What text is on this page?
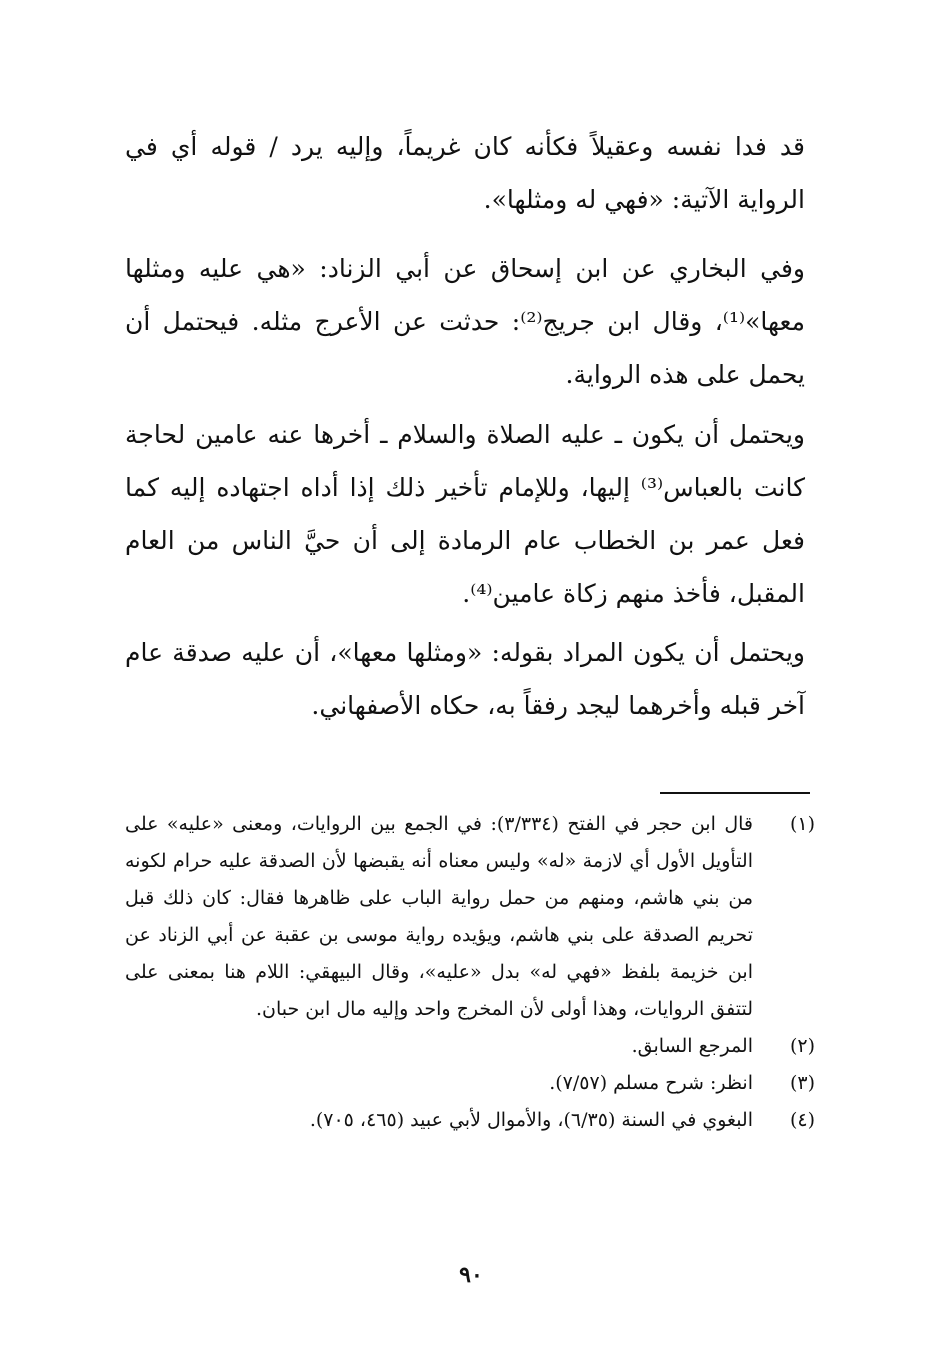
قد فدا نفسه وعقيلاً فكأنه كان غريماً، وإليه يرد / قوله أي في الرواية الآتية: «فهي له ومثلها».

وفي البخاري عن ابن إسحاق عن أبي الزناد: «هي عليه ومثلها معها»⁽¹⁾، وقال ابن جريج⁽²⁾: حدثت عن الأعرج مثله. فيحتمل أن يحمل على هذه الرواية.

ويحتمل أن يكون ـ عليه الصلاة والسلام ـ أخرها عنه عامين لحاجة كانت بالعباس⁽³⁾ إليها، وللإمام تأخير ذلك إذا أداه اجتهاده إليه كما فعل عمر بن الخطاب عام الرمادة إلى أن حيَّ الناس من العام المقبل، فأخذ منهم زكاة عامين⁽⁴⁾.

ويحتمل أن يكون المراد بقوله: «ومثلها معها»، أن عليه صدقة عام آخر قبله وأخرهما ليجد رفقاً به، حكاه الأصفهاني.

(١)
قال ابن حجر في الفتح (٣/٣٣٤): في الجمع بين الروايات، ومعنى «عليه» على التأويل الأول أي لازمة «له» وليس معناه أنه يقبضها لأن الصدقة عليه حرام لكونه من بني هاشم، ومنهم من حمل رواية الباب على ظاهرها فقال: كان ذلك قبل تحريم الصدقة على بني هاشم، ويؤيده رواية موسى بن عقبة عن أبي الزناد عن ابن خزيمة بلفظ «فهي له» بدل «عليه»، وقال البيهقي: اللام هنا بمعنى على لتتفق الروايات، وهذا أولى لأن المخرج واحد وإليه مال ابن حبان.

(٢)
المرجع السابق.

(٣)
انظر: شرح مسلم (٧/٥٧).

(٤)
البغوي في السنة (٦/٣٥)، والأموال لأبي عبيد (٤٦٥، ٧٠٥).

٩٠
